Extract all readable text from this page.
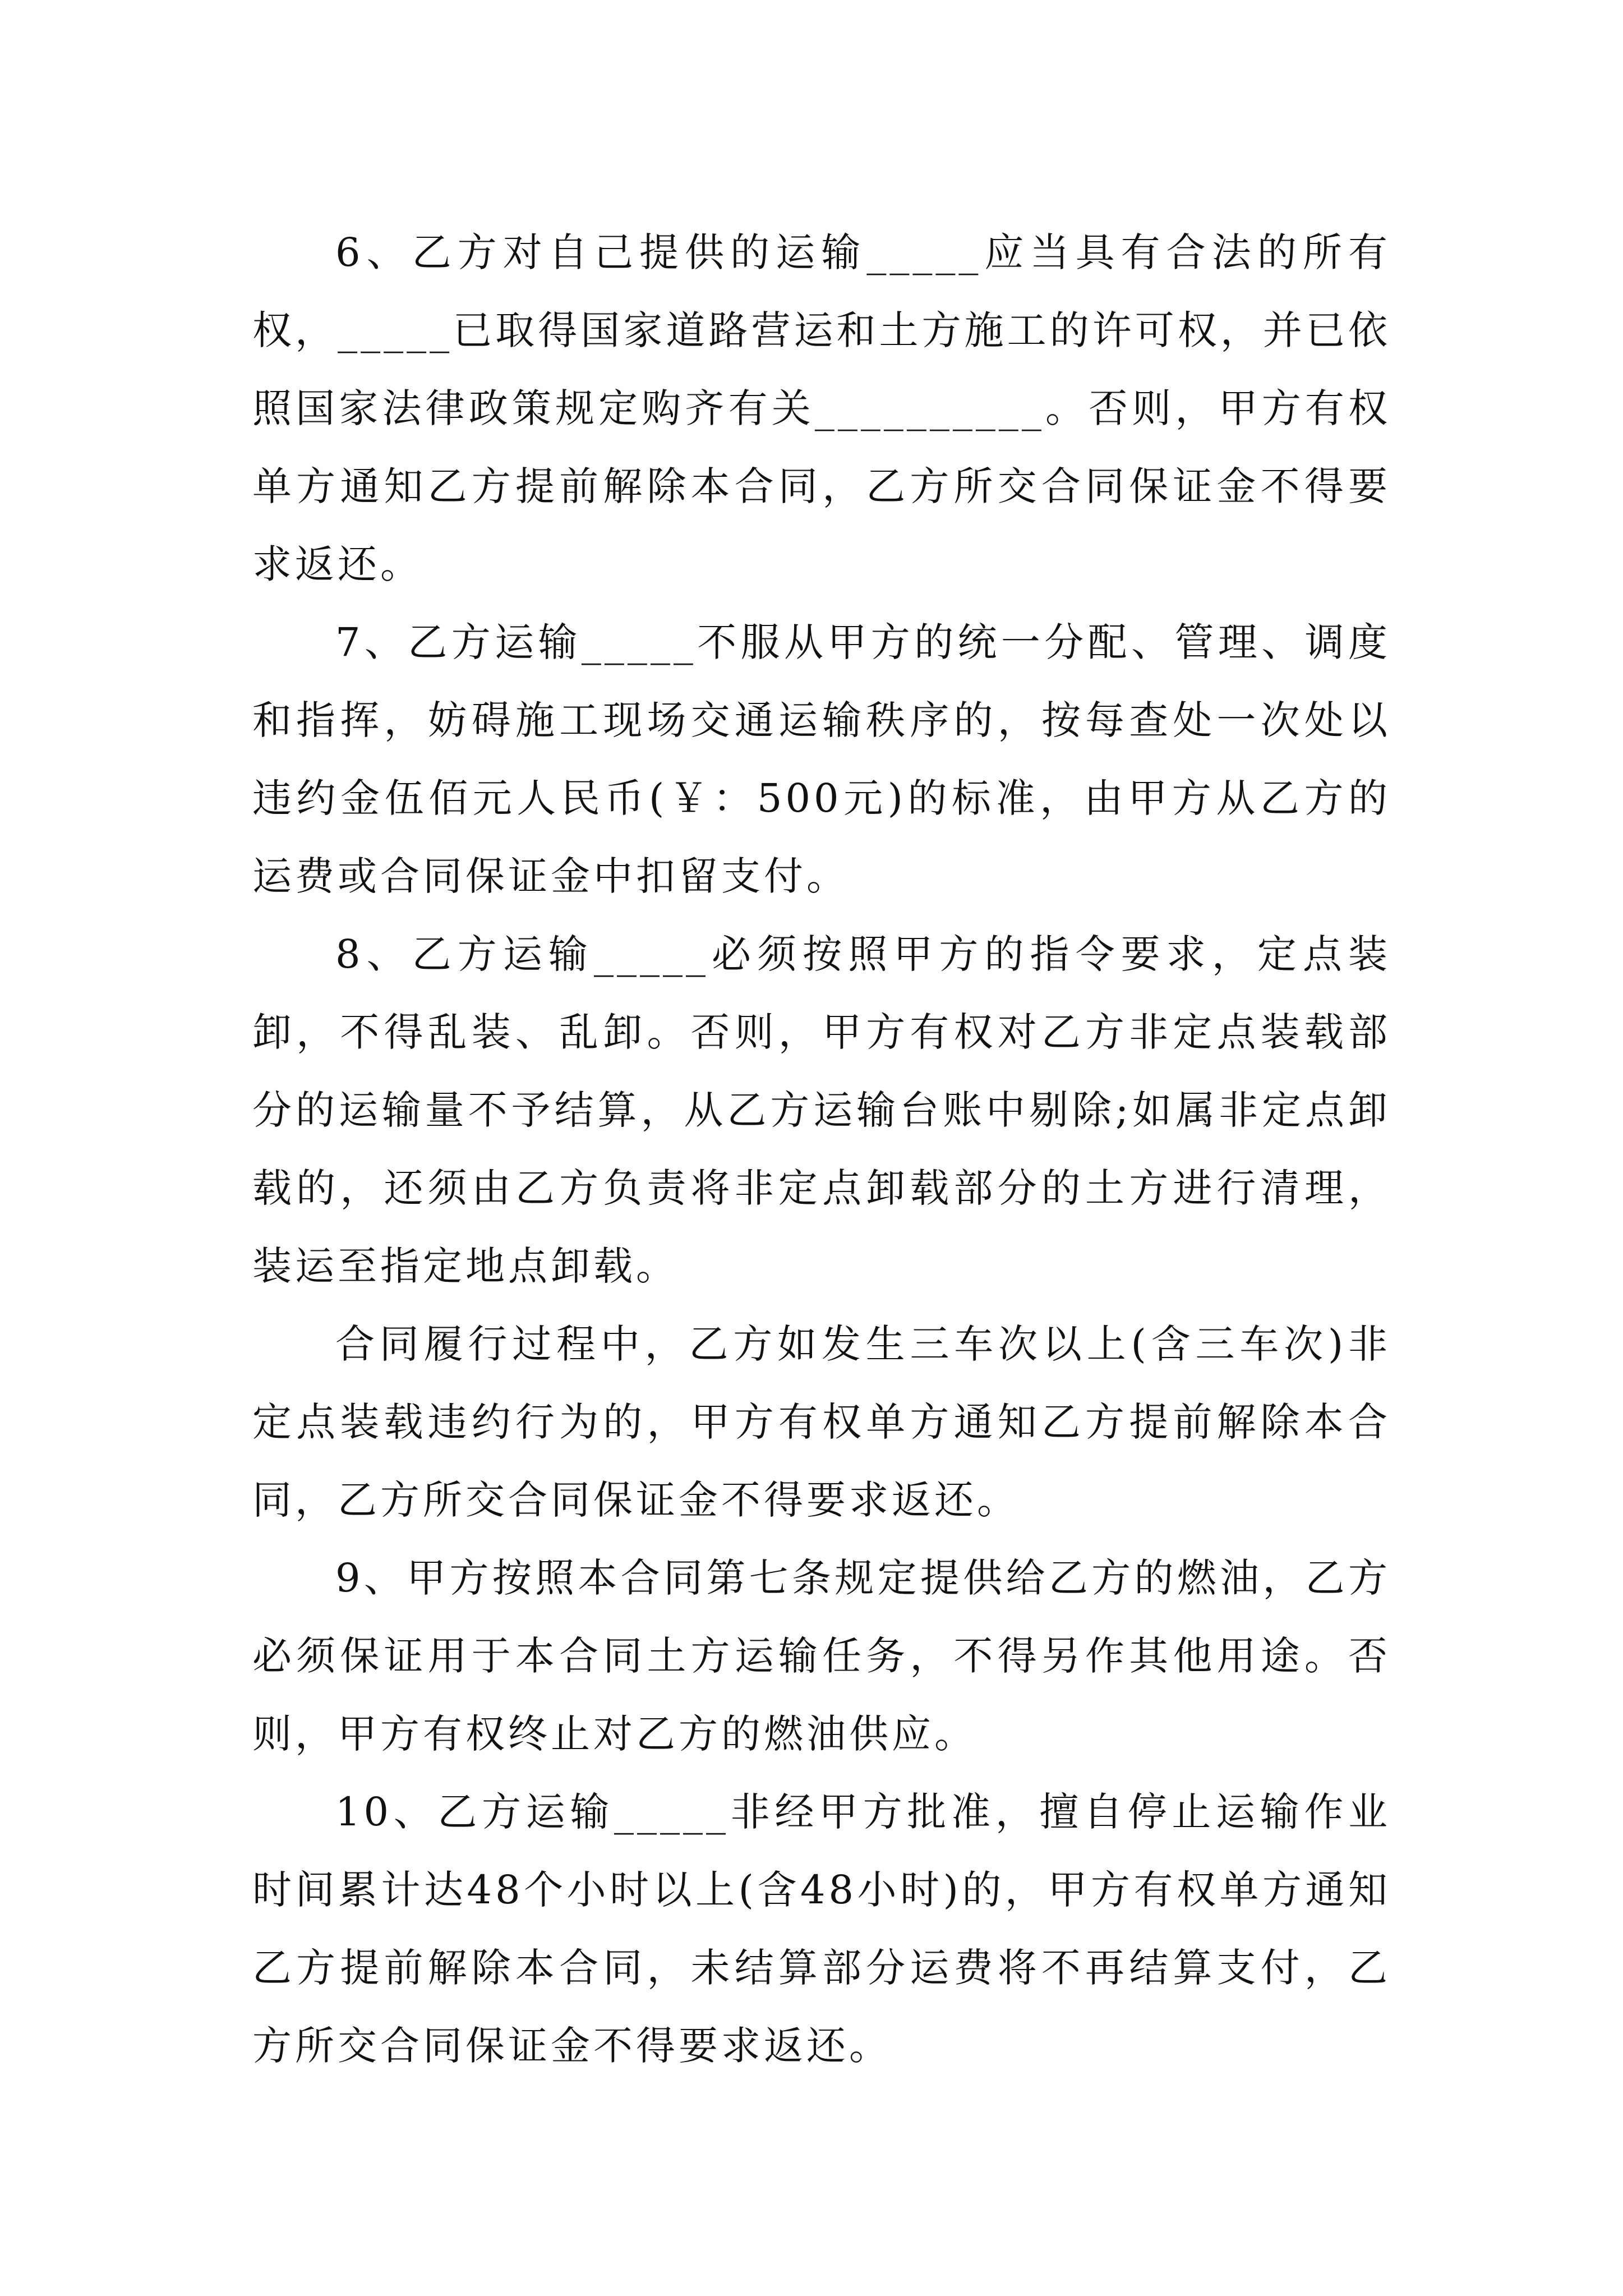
6、乙方对自己提供的运输_____应当具有合法的所有权，_____已取得国家道路营运和土方施工的许可权，并已依照国家法律政策规定购齐有关__________。否则，甲方有权单方通知乙方提前解除本合同，乙方所交合同保证金不得要求返还。

7、乙方运输_____不服从甲方的统一分配、管理、调度和指挥，妨碍施工现场交通运输秩序的，按每查处一次处以违约金伍佰元人民币(￥：500元)的标准，由甲方从乙方的运费或合同保证金中扣留支付。

8、乙方运输_____必须按照甲方的指令要求，定点装卸，不得乱装、乱卸。否则，甲方有权对乙方非定点装载部分的运输量不予结算，从乙方运输台账中剔除;如属非定点卸载的，还须由乙方负责将非定点卸载部分的土方进行清理，装运至指定地点卸载。

合同履行过程中，乙方如发生三车次以上(含三车次)非定点装载违约行为的，甲方有权单方通知乙方提前解除本合同，乙方所交合同保证金不得要求返还。

9、甲方按照本合同第七条规定提供给乙方的燃油，乙方必须保证用于本合同土方运输任务，不得另作其他用途。否则，甲方有权终止对乙方的燃油供应。

10、乙方运输_____非经甲方批准，擅自停止运输作业时间累计达48个小时以上(含48小时)的，甲方有权单方通知乙方提前解除本合同，未结算部分运费将不再结算支付，乙方所交合同保证金不得要求返还。
